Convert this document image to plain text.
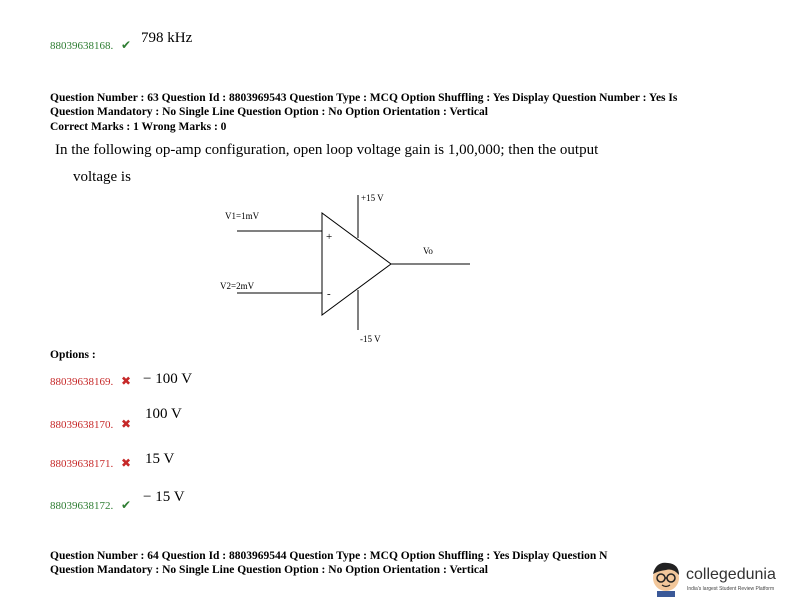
88039638168. ✔ 798 kHz
Question Number : 63 Question Id : 8803969543 Question Type : MCQ Option Shuffling : Yes Display Question Number : Yes Is
Question Mandatory : No Single Line Question Option : No Option Orientation : Vertical
Correct Marks : 1 Wrong Marks : 0
In the following op-amp configuration, open loop voltage gain is 1,00,000; then the output
voltage is
V1=1mV
V2=2mV
+15 V
-15 V
Vo
+
-
Options :
88039638169. ✖ − 100 V
88039638170. ✖
100 V
88039638171. ✖ 15 V
88039638172. ✔ − 15 V
Question Number : 64 Question Id : 8803969544 Question Type : MCQ Option Shuffling : Yes Display Question N
Question Mandatory : No Single Line Question Option : No Option Orientation : Vertical	collegedunia
India's largest Student Review Platform
